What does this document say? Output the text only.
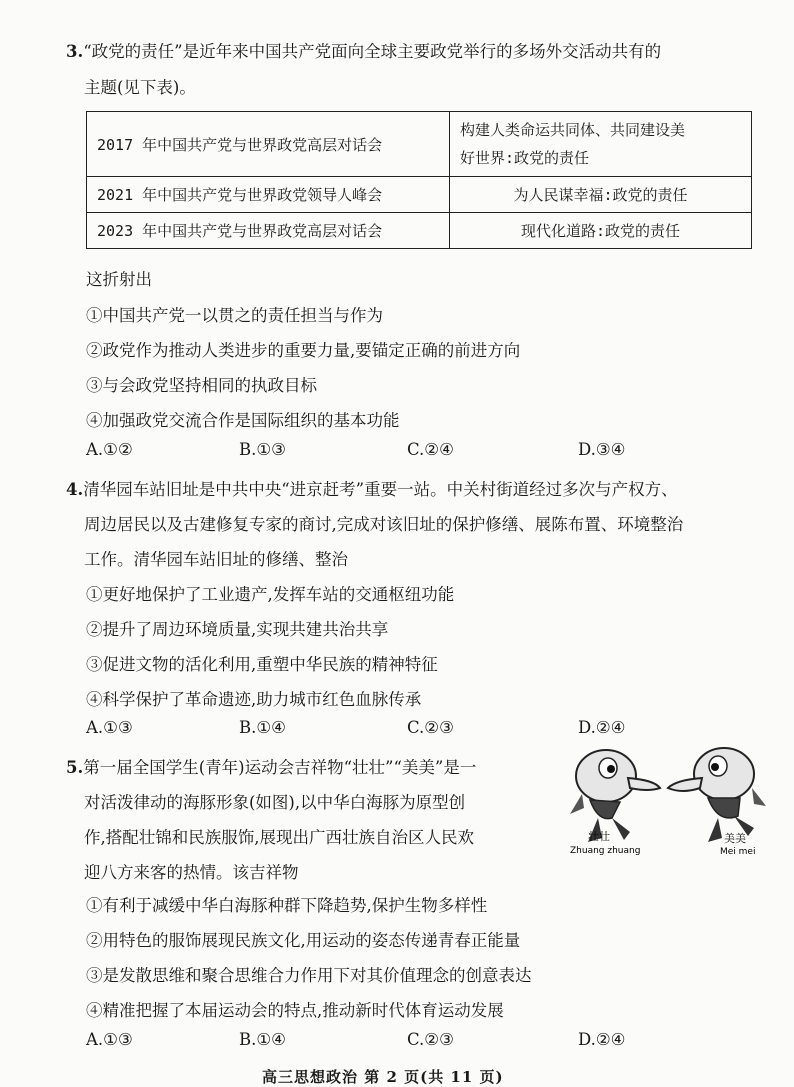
3.“政党的责任”是近年来中国共产党面向全球主要政党举行的多场外交活动共有的
主题(见下表)。
2017 年中国共产党与世界政党高层对话会	构建人类命运共同体、共同建设美
好世界:政党的责任

2021 年中国共产党与世界政党领导人峰会	为人民谋幸福:政党的责任
2023 年中国共产党与世界政党高层对话会	现代化道路:政党的责任
这折射出
①中国共产党一以贯之的责任担当与作为
②政党作为推动人类进步的重要力量,要锚定正确的前进方向
③与会政党坚持相同的执政目标
④加强政党交流合作是国际组织的基本功能
A.①②	B.①③	C.②④	D.③④
4.清华园车站旧址是中共中央“进京赶考”重要一站。中关村街道经过多次与产权方、
周边居民以及古建修复专家的商讨,完成对该旧址的保护修缮、展陈布置、环境整治
工作。清华园车站旧址的修缮、整治
①更好地保护了工业遗产,发挥车站的交通枢纽功能
②提升了周边环境质量,实现共建共治共享
③促进文物的活化利用,重塑中华民族的精神特征
④科学保护了革命遗迹,助力城市红色血脉传承
A.①③	B.①④	C.②③	D.②④
5.第一届全国学生(青年)运动会吉祥物“壮壮”“美美”是一
对活泼律动的海豚形象(如图),以中华白海豚为原型创
作,搭配壮锦和民族服饰,展现出广西壮族自治区人民欢
迎八方来客的热情。该吉祥物
壮壮
Zhuang zhuang
美美
Mei mei
①有利于减缓中华白海豚种群下降趋势,保护生物多样性
②用特色的服饰展现民族文化,用运动的姿态传递青春正能量
③是发散思维和聚合思维合力作用下对其价值理念的创意表达
④精准把握了本届运动会的特点,推动新时代体育运动发展
A.①③	B.①④	C.②③	D.②④
高三思想政治 第 2 页(共 11 页)
